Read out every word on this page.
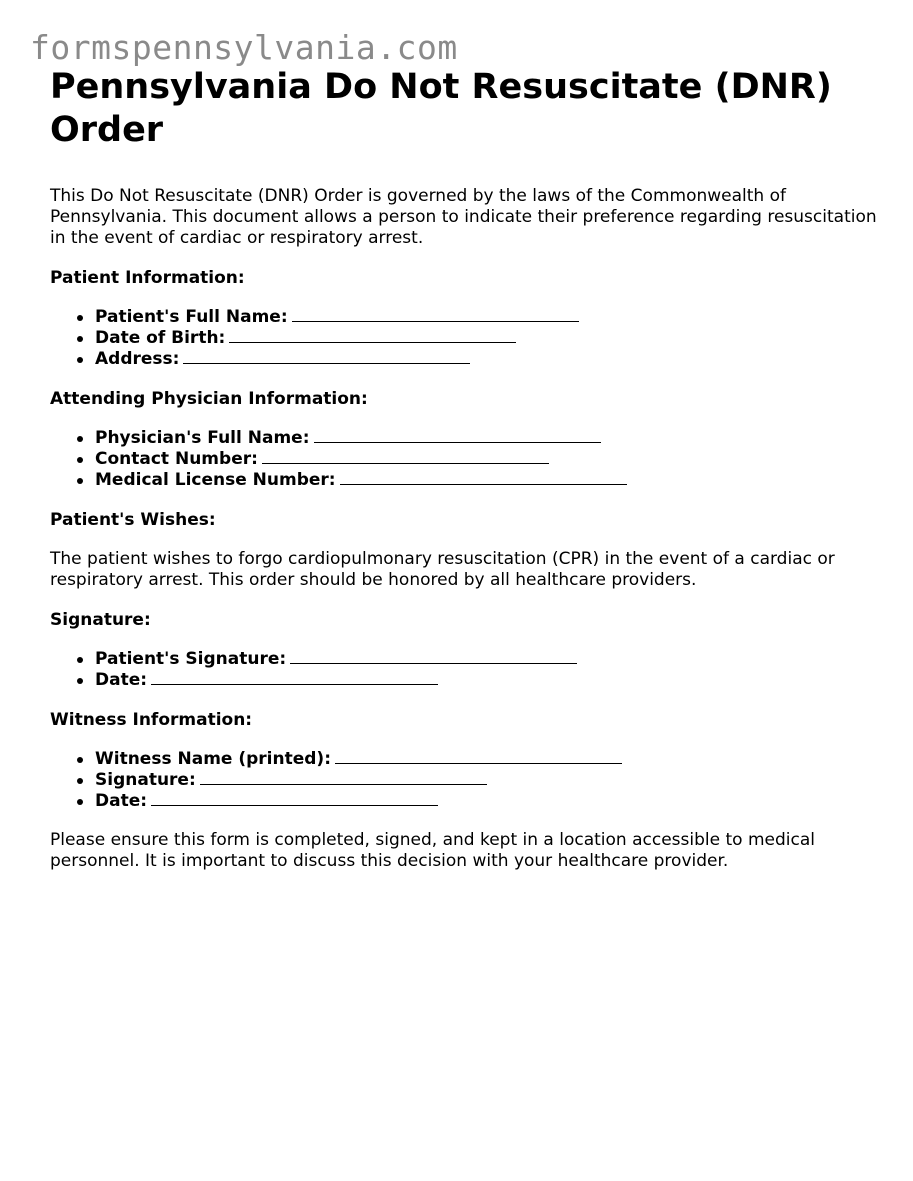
formspennsylvania.com
Pennsylvania Do Not Resuscitate (DNR) Order

This Do Not Resuscitate (DNR) Order is governed by the laws of the Commonwealth of Pennsylvania. This document allows a person to indicate their preference regarding resuscitation in the event of cardiac or respiratory arrest.

Patient Information:
Patient's Full Name:
Date of Birth:
Address:
Attending Physician Information:
Physician's Full Name:
Contact Number:
Medical License Number:
Patient's Wishes:

The patient wishes to forgo cardiopulmonary resuscitation (CPR) in the event of a cardiac or respiratory arrest. This order should be honored by all healthcare providers.

Signature:
Patient's Signature:
Date:
Witness Information:
Witness Name (printed):
Signature:
Date:

Please ensure this form is completed, signed, and kept in a location accessible to medical personnel. It is important to discuss this decision with your healthcare provider.
